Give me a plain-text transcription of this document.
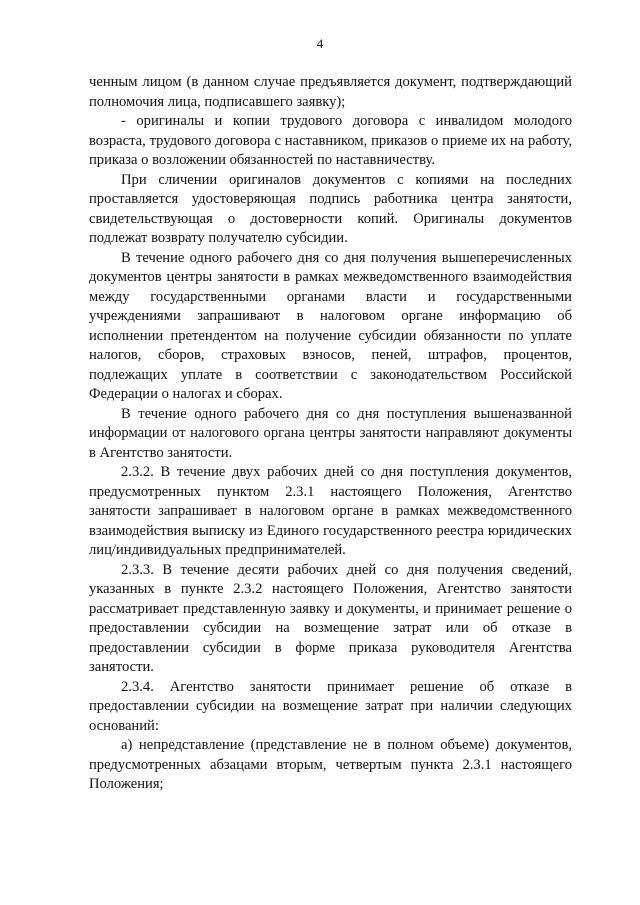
4

ченным лицом (в данном случае предъявляется документ, подтверждающий полномочия лица, подписавшего заявку);

- оригиналы и копии трудового договора с инвалидом молодого возраста, трудового договора с наставником, приказов о приеме их на работу, приказа о возложении обязанностей по наставничеству.

При сличении оригиналов документов с копиями на последних проставляется удостоверяющая подпись работника центра занятости, свидетельствующая о достоверности копий. Оригиналы документов подлежат возврату получателю субсидии.

В течение одного рабочего дня со дня получения вышеперечисленных документов центры занятости в рамках межведомственного взаимодействия между государственными органами власти и государственными учреждениями запрашивают в налоговом органе информацию об исполнении претендентом на получение субсидии обязанности по уплате налогов, сборов, страховых взносов, пеней, штрафов, процентов, подлежащих уплате в соответствии с законодательством Российской Федерации о налогах и сборах.

В течение одного рабочего дня со дня поступления вышеназванной информации от налогового органа центры занятости направляют документы в Агентство занятости.

2.3.2. В течение двух рабочих дней со дня поступления документов, предусмотренных пунктом 2.3.1 настоящего Положения, Агентство занятости запрашивает в налоговом органе в рамках межведомственного взаимодействия выписку из Единого государственного реестра юридических лиц/индивидуальных предпринимателей.

2.3.3. В течение десяти рабочих дней со дня получения сведений, указанных в пункте 2.3.2 настоящего Положения, Агентство занятости рассматривает представленную заявку и документы, и принимает решение о предоставлении субсидии на возмещение затрат или об отказе в предоставлении субсидии в форме приказа руководителя Агентства занятости.

2.3.4. Агентство занятости принимает решение об отказе в предоставлении субсидии на возмещение затрат при наличии следующих оснований:

а) непредставление (представление не в полном объеме) документов, предусмотренных абзацами вторым, четвертым пункта 2.3.1 настоящего Положения;
